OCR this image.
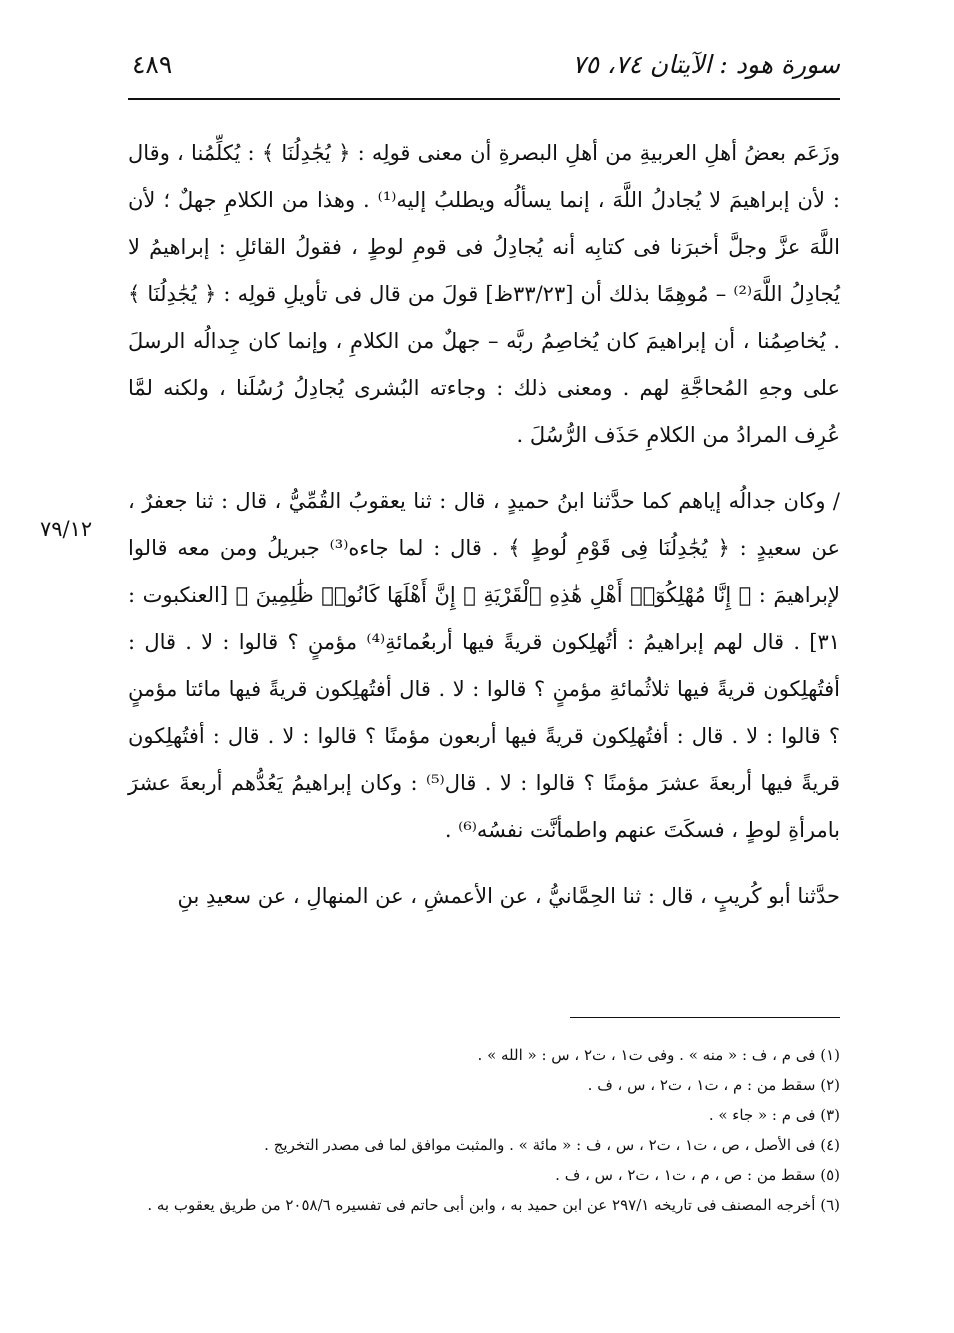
سورة هود : الآيتان ٧٤، ٧٥
٤٨٩
٧٩/١٢

وزَعَم بعضُ أهلِ العربيةِ من أهلِ البصرةِ أن معنى قولِه : ﴿ يُجَٰدِلُنَا ﴾ : يُكلِّمُنا ، وقال : لأن إبراهيمَ لا يُجادلُ اللَّهَ ، إنما يسألُه ويطلبُ إليه⁽¹⁾ . وهذا من الكلامِ جهلٌ ؛ لأن اللَّهَ عزَّ وجلَّ أخبرَنا فى كتابِه أنه يُجادِلُ فى قومِ لوطٍ ، فقولُ القائلِ : إبراهيمُ لا يُجادِلُ اللَّهَ⁽²⁾ – مُوهِمًا بذلك أن [٣٣/٢٣ظ] قولَ من قال فى تأويلِ قولِه : ﴿ يُجَٰدِلُنَا ﴾ . يُخاصِمُنا ، أن إبراهيمَ كان يُخاصِمُ ربَّه – جهلٌ من الكلامِ ، وإنما كان جِدالُه الرسلَ على وجهِ المُحاجَّةِ لهم . ومعنى ذلك : وجاءته البُشرى يُجادِلُ رُسُلَنا ، ولكنه لمَّا عُرِف المرادُ من الكلامِ حَذَف الرُّسُلَ .

/ وكان جدالُه إياهم كما حدَّثنا ابنُ حميدٍ ، قال : ثنا يعقوبُ القُمِّيُّ ، قال : ثنا جعفرٌ ، عن سعيدٍ : ﴿ يُجَٰدِلُنَا فِى قَوْمِ لُوطٍ ﴾ . قال : لما جاءه⁽³⁾ جبريلُ ومن معه قالوا لإبراهيمَ : ﴿ إِنَّا مُهْلِكُوٓا۟ أَهْلِ هَٰذِهِ ٱلْقَرْيَةِ ۖ إِنَّ أَهْلَهَا كَانُوا۟ ظَٰلِمِينَ ﴾ [العنكبوت : ٣١] . قال لهم إبراهيمُ : أتُهلِكون قريةً فيها أربعُمائةِ⁽⁴⁾ مؤمنٍ ؟ قالوا : لا . قال : أفتُهلِكون قريةً فيها ثلاثُمائةِ مؤمنٍ ؟ قالوا : لا . قال أفتُهلِكون قريةً فيها مائتا مؤمنٍ ؟ قالوا : لا . قال : أفتُهلِكون قريةً فيها أربعون مؤمنًا ؟ قالوا : لا . قال : أفتُهلِكون قريةً فيها أربعةَ عشرَ مؤمنًا ؟ قالوا : لا . قال⁽⁵⁾ : وكان إبراهيمُ يَعُدُّهم أربعةَ عشرَ بامرأةِ لوطٍ ، فسكَتَ عنهم واطمأنَّت نفسُه⁽⁶⁾ .

حدَّثنا أبو كُريبٍ ، قال : ثنا الحِمَّانيُّ ، عن الأعمشِ ، عن المنهالِ ، عن سعيدِ بنِ

(١) فى م ، ف : « منه » . وفى ت١ ، ت٢ ، س : « الله » .

(٢) سقط من : م ، ت١ ، ت٢ ، س ، ف .

(٣) فى م : « جاء » .

(٤) فى الأصل ، ص ، ت١ ، ت٢ ، س ، ف : « مائة » . والمثبت موافق لما فى مصدر التخريج .

(٥) سقط من : ص ، م ، ت١ ، ت٢ ، س ، ف .

(٦) أخرجه المصنف فى تاريخه ٢٩٧/١ عن ابن حميد به ، وابن أبى حاتم فى تفسيره ٢٠٥٨/٦ من طريق يعقوب به .
